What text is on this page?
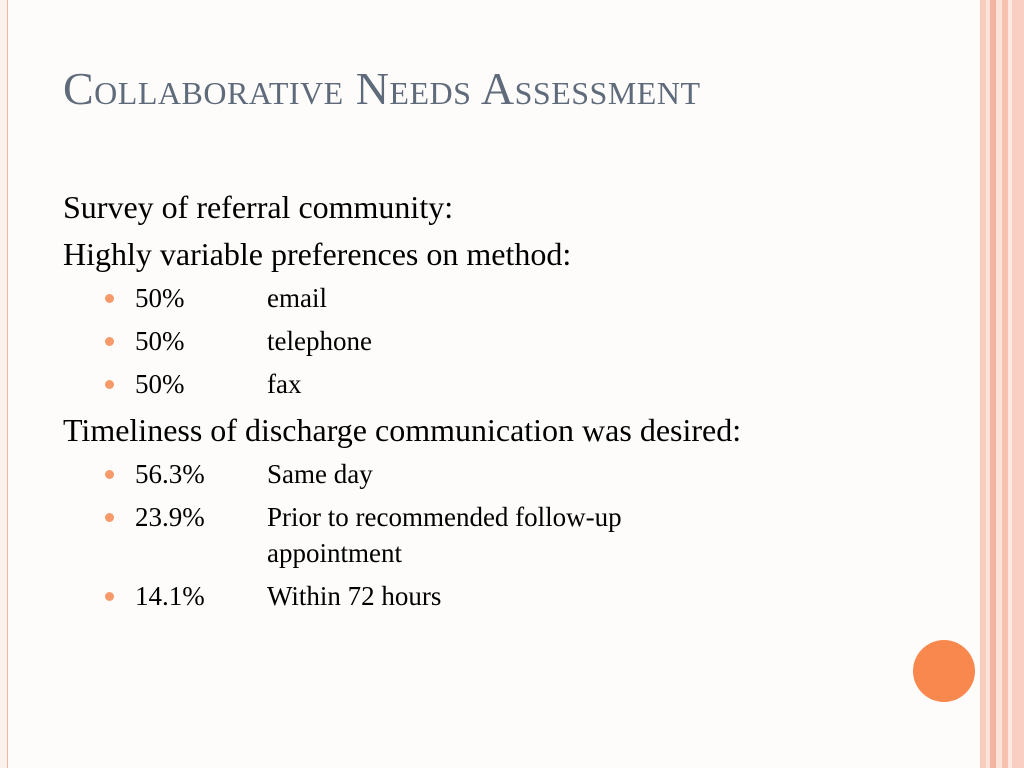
Collaborative Needs Assessment

Survey of referral community:

Highly variable preferences on method:

50%	email
50%	telephone
50%	fax

Timeliness of discharge communication was desired:

56.3%	Same day
23.9%	Prior to recommended follow-up appointment
14.1%	Within 72 hours
